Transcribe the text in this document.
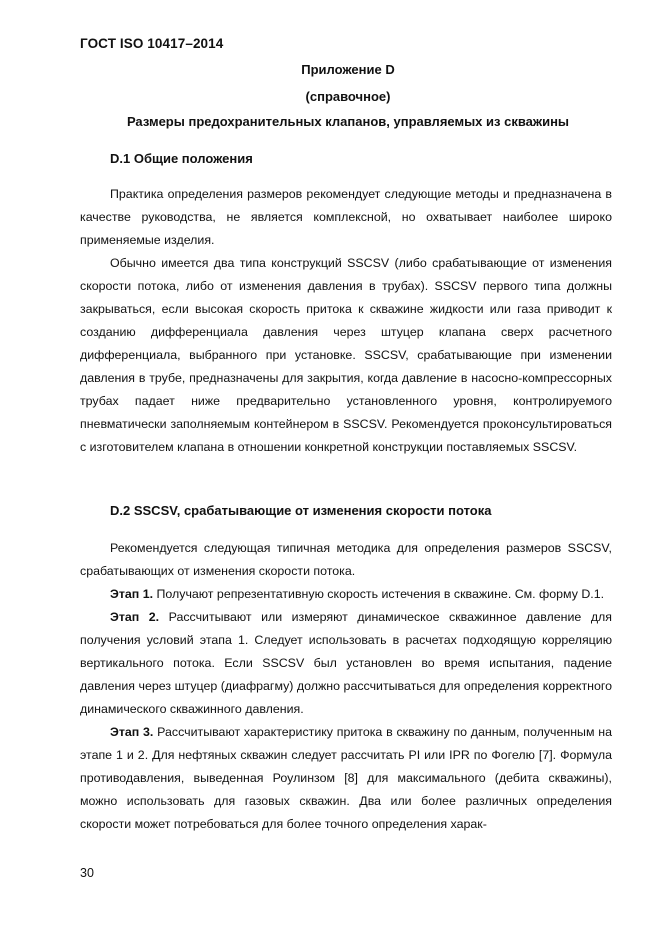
ГОСТ ISO 10417–2014
Приложение D
(справочное)
Размеры предохранительных клапанов, управляемых из скважины
D.1 Общие положения

Практика определения размеров рекомендует следующие методы и предназначена в качестве руководства, не является комплексной, но охватывает наиболее широко применяемые изделия.

Обычно имеется два типа конструкций SSCSV (либо срабатывающие от изменения скорости потока, либо от изменения давления в трубах). SSCSV первого типа должны закрываться, если высокая скорость притока к скважине жидкости или газа приводит к созданию дифференциала давления через штуцер клапана сверх расчетного дифференциала, выбранного при установке. SSCSV, срабатывающие при изменении давления в трубе, предназначены для закрытия, когда давление в насосно-компрессорных трубах падает ниже предварительно установленного уровня, контролируемого пневматически заполняемым контейнером в SSCSV. Рекомендуется проконсультироваться с изготовителем клапана в отношении конкретной конструкции поставляемых SSCSV.

D.2 SSCSV, срабатывающие от изменения скорости потока

Рекомендуется следующая типичная методика для определения размеров SSCSV, срабатывающих от изменения скорости потока.

Этап 1. Получают репрезентативную скорость истечения в скважине. См. форму D.1.

Этап 2. Рассчитывают или измеряют динамическое скважинное давление для получения условий этапа 1. Следует использовать в расчетах подходящую корреляцию вертикального потока. Если SSCSV был установлен во время испытания, падение давления через штуцер (диафрагму) должно рассчитываться для определения корректного динамического скважинного давления.

Этап 3. Рассчитывают характеристику притока в скважину по данным, полученным на этапе 1 и 2. Для нефтяных скважин следует рассчитать PI или IPR по Фогелю [7]. Формула противодавления, выведенная Роулинзом [8] для максимального (дебита скважины), можно использовать для газовых скважин. Два или более различных определения скорости может потребоваться для более точного определения харак-

30
